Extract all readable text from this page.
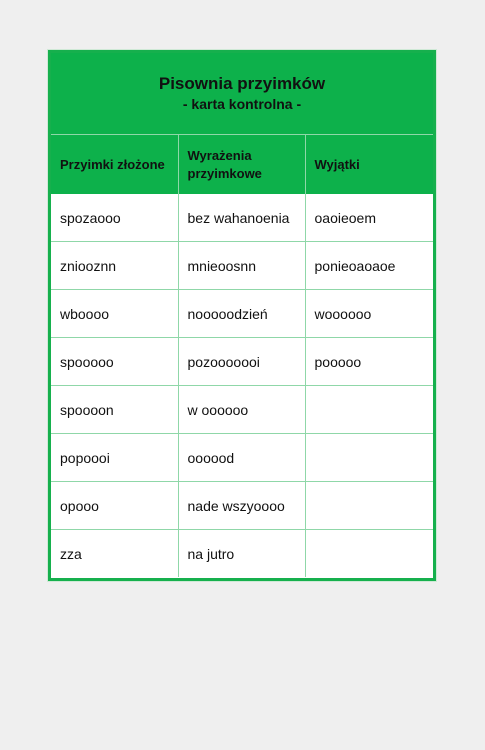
Pisownia przyimków
- karta kontrolna -
Przyimki złożone	Wyrażenia przyimkowe	Wyjątki
spozaooo	bez wahanoenia	oaoieoem
zniooznn	mnieoosnn	ponieoaoaoe
wboooo	nooooodzień	woooooo
spooooo	pozooooooi	pooooo
spoooon	w oooooo	
popoooi	oooood	
opooo	nade wszyoooo	
zza	na jutro	
